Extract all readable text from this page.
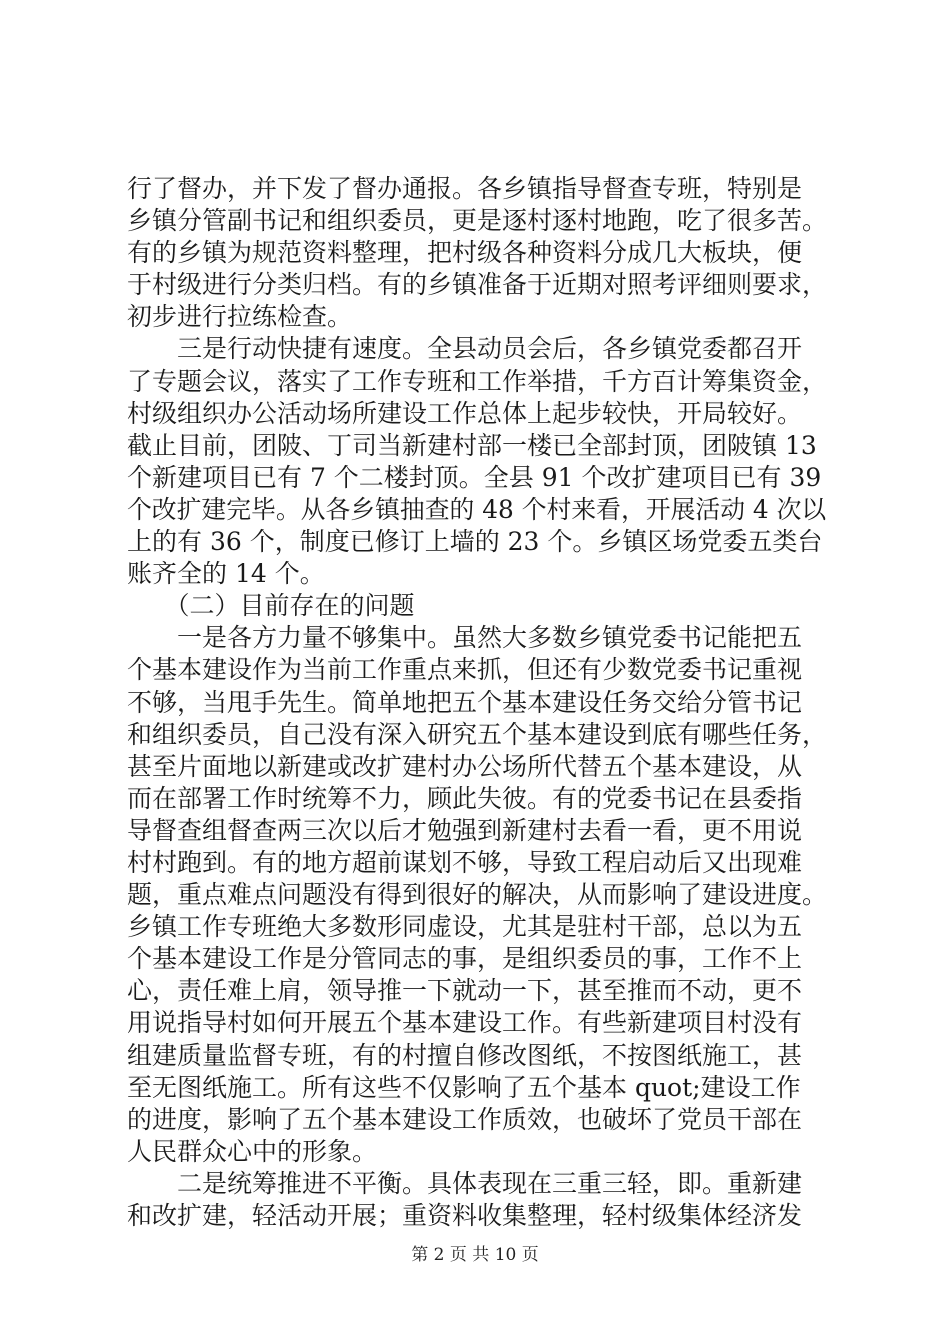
行了督办，并下发了督办通报。各乡镇指导督查专班，特别是
乡镇分管副书记和组织委员，更是逐村逐村地跑，吃了很多苦。
有的乡镇为规范资料整理，把村级各种资料分成几大板块，便
于村级进行分类归档。有的乡镇准备于近期对照考评细则要求，
初步进行拉练检查。
　　三是行动快捷有速度。全县动员会后，各乡镇党委都召开
了专题会议，落实了工作专班和工作举措，千方百计筹集资金，
村级组织办公活动场所建设工作总体上起步较快，开局较好。
截止目前，团陂、丁司当新建村部一楼已全部封顶，团陂镇 13
个新建项目已有 7 个二楼封顶。全县 91 个改扩建项目已有 39
个改扩建完毕。从各乡镇抽查的 48 个村来看，开展活动 4 次以
上的有 36 个，制度已修订上墙的 23 个。乡镇区场党委五类台
账齐全的 14 个。
　　（二）目前存在的问题
　　一是各方力量不够集中。虽然大多数乡镇党委书记能把五
个基本建设作为当前工作重点来抓，但还有少数党委书记重视
不够，当甩手先生。简单地把五个基本建设任务交给分管书记
和组织委员，自己没有深入研究五个基本建设到底有哪些任务，
甚至片面地以新建或改扩建村办公场所代替五个基本建设，从
而在部署工作时统筹不力，顾此失彼。有的党委书记在县委指
导督查组督查两三次以后才勉强到新建村去看一看，更不用说
村村跑到。有的地方超前谋划不够，导致工程启动后又出现难
题，重点难点问题没有得到很好的解决，从而影响了建设进度。
乡镇工作专班绝大多数形同虚设，尤其是驻村干部，总以为五
个基本建设工作是分管同志的事，是组织委员的事，工作不上
心，责任难上肩，领导推一下就动一下，甚至推而不动，更不
用说指导村如何开展五个基本建设工作。有些新建项目村没有
组建质量监督专班，有的村擅自修改图纸，不按图纸施工，甚
至无图纸施工。所有这些不仅影响了五个基本 quot;建设工作
的进度，影响了五个基本建设工作质效，也破坏了党员干部在
人民群众心中的形象。
　　二是统筹推进不平衡。具体表现在三重三轻，即。重新建
和改扩建，轻活动开展；重资料收集整理，轻村级集体经济发
第 2 页 共 10 页
